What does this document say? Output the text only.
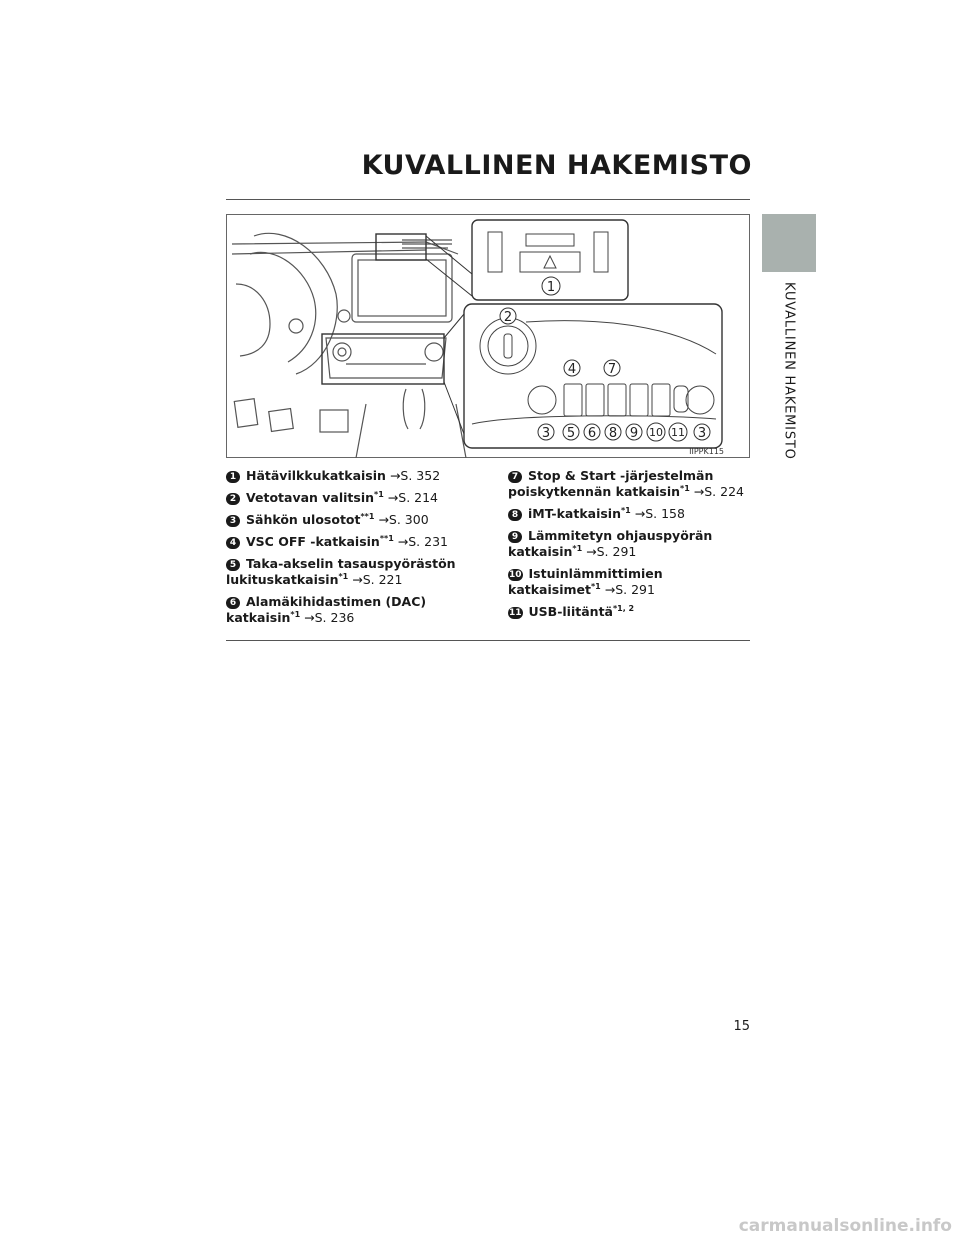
KUVALLINEN HAKEMISTO
KUVALLINEN HAKEMISTO
1
2
4 7
3 5 6 8 9 10 11 3
IIPPK115
1 Hätävilkkukatkaisin →S. 352
2 Vetotavan valitsin$^{*1}$ →S. 214
3 Sähkön ulosotot$^{**1}$ →S. 300
4 VSC OFF -katkaisin$^{**1}$ →S. 231
5 Taka-akselin tasauspyörästön lukituskatkaisin$^{*1}$ →S. 221
6 Alamäkihidastimen (DAC) katkaisin$^{*1}$ →S. 236
7 Stop & Start -järjestelmän poiskytkennän katkaisin$^{*1}$ →S. 224
8 iMT-katkaisin$^{*1}$ →S. 158
9 Lämmitetyn ohjauspyörän katkaisin$^{*1}$ →S. 291
10 Istuinlämmittimien katkaisimet$^{*1}$ →S. 291
11 USB-liitäntä$^{*1, 2}$
15
carmanualsonline.info
